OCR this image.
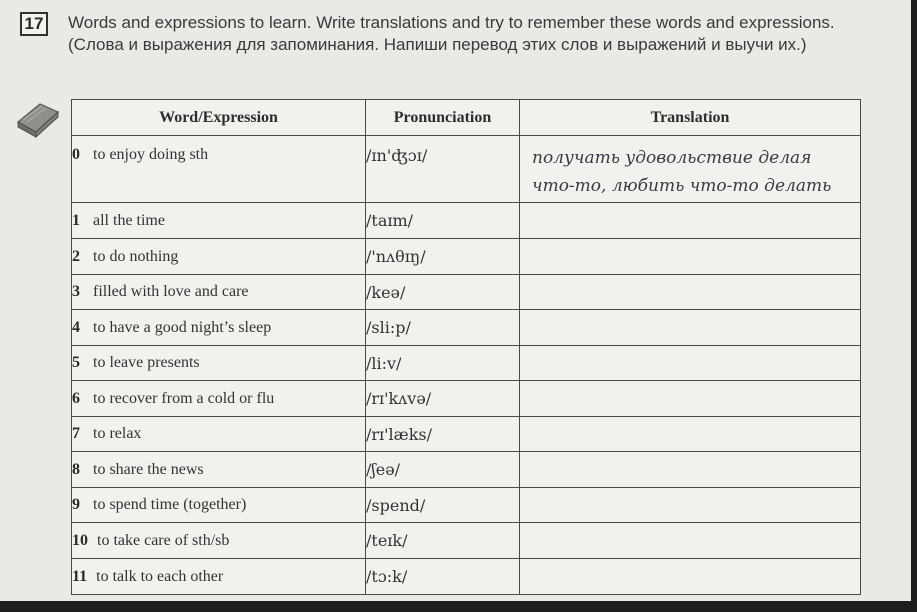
17 Words and expressions to learn. Write translations and try to remember these words and expressions. (Слова и выражения для запоминания. Напиши перевод этих слов и выражений и выучи их.)
Word/Expression	Pronunciation	Translation
0 to enjoy doing sth	/ɪn'ʤɔɪ/	получать удовольствие делая
что-то, любить что-то делать

1 all the time	/taɪm/	
2 to do nothing	/'nʌθɪŋ/	
3 filled with love and care	/keə/	
4 to have a good night’s sleep	/sli:p/	
5 to leave presents	/li:v/	
6 to recover from a cold or flu	/rɪ'kʌvə/	
7 to relax	/rɪ'læks/	
8 to share the news	/ʃeə/	
9 to spend time (together)	/spend/	
10 to take care of sth/sb	/teɪk/	
11 to talk to each other	/tɔ:k/	
